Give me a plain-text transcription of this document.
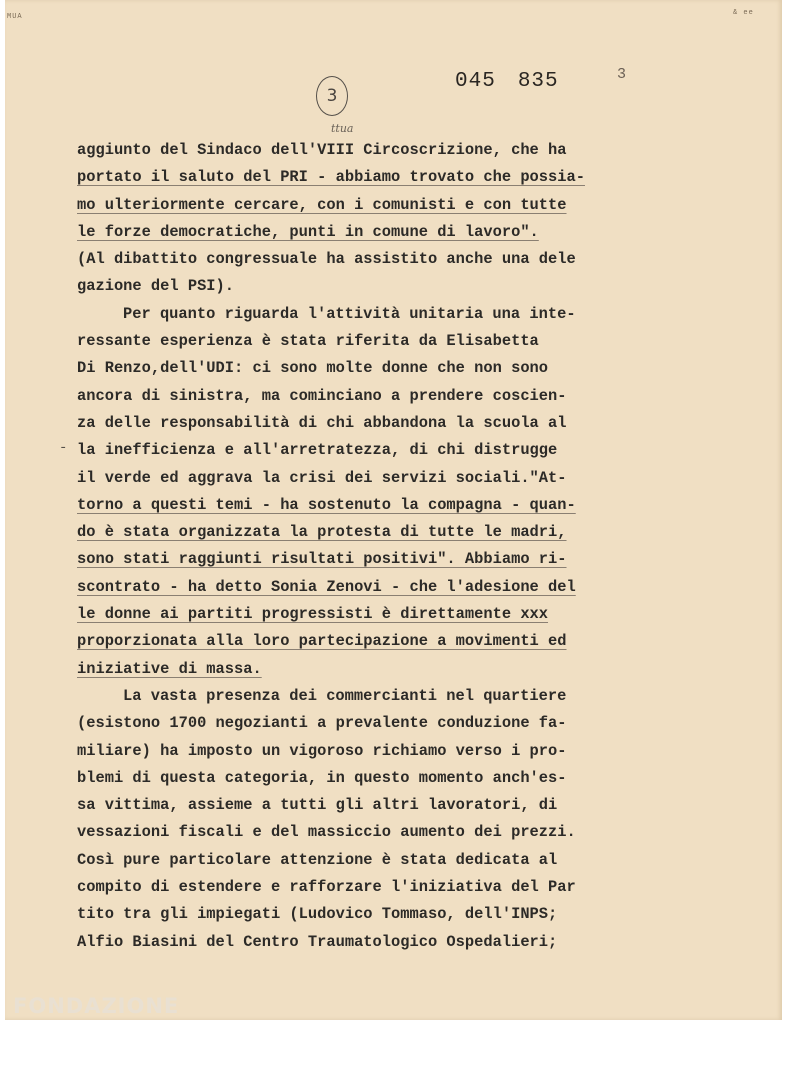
MUA	& ee
045 835	3
3
ttua
-
aggiunto del Sindaco dell'VIII Circoscrizione, che ha
portato il saluto del PRI - abbiamo trovato che possia-
mo ulteriormente cercare, con i comunisti e con tutte
le forze democratiche, punti in comune di lavoro".
(Al dibattito congressuale ha assistito anche una dele
gazione del PSI).
Per quanto riguarda l'attività unitaria una inte-
ressante esperienza è stata riferita da Elisabetta
Di Renzo,dell'UDI: ci sono molte donne che non sono
ancora di sinistra, ma cominciano a prendere coscien-
za delle responsabilità di chi abbandona la scuola al
la inefficienza e all'arretratezza, di chi distrugge
il verde ed aggrava la crisi dei servizi sociali."At-
torno a questi temi - ha sostenuto la compagna - quan-
do è stata organizzata la protesta di tutte le madri,
sono stati raggiunti risultati positivi". Abbiamo ri-
scontrato - ha detto Sonia Zenovi - che l'adesione del
le donne ai partiti progressisti è direttamente xxx
proporzionata alla loro partecipazione a movimenti ed
iniziative di massa.
La vasta presenza dei commercianti nel quartiere
(esistono 1700 negozianti a prevalente conduzione fa-
miliare) ha imposto un vigoroso richiamo verso i pro-
blemi di questa categoria, in questo momento anch'es-
sa vittima, assieme a tutti gli altri lavoratori, di
vessazioni fiscali e del massiccio aumento dei prezzi.
Così pure particolare attenzione è stata dedicata al
compito di estendere e rafforzare l'iniziativa del Par
tito tra gli impiegati (Ludovico Tommaso, dell'INPS;
Alfio Biasini del Centro Traumatologico Ospedalieri;
FONDAZIONE
